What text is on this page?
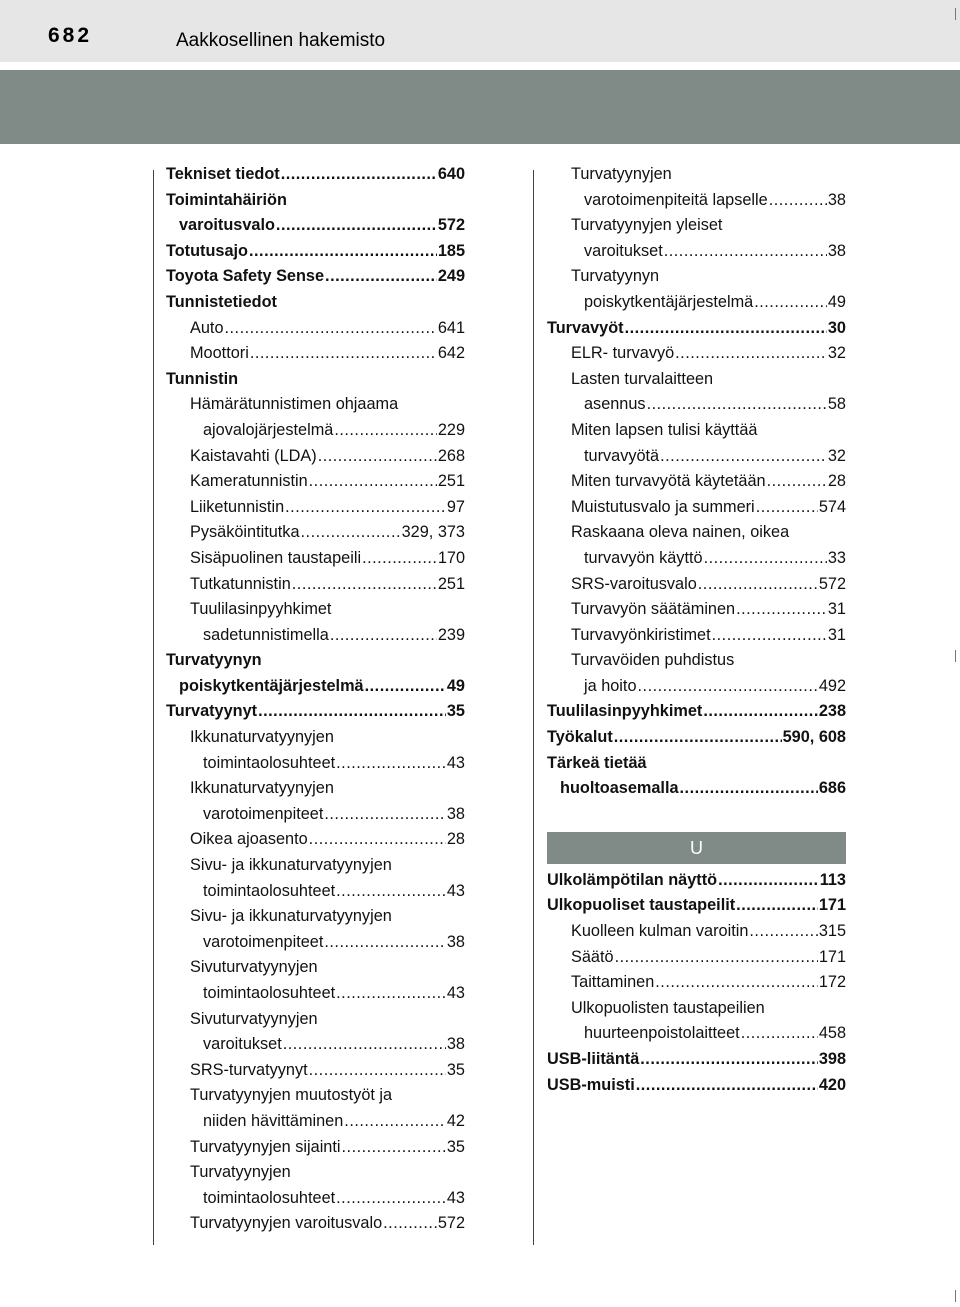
682	Aakkosellinen hakemisto
Tekniset tiedot .....	640
Toimintahäiriön
varoitusvalo .....	572
Totutusajo .....	185
Toyota Safety Sense .....	249
Tunnistetiedot
Auto .....	641
Moottori .....	642
Tunnistin
Hämärätunnistimen ohjaama
ajovalojärjestelmä .....	229
Kaistavahti (LDA) .....	268
Kameratunnistin .....	251
Liiketunnistin .....	97
Pysäköintitutka .....	329, 373
Sisäpuolinen taustapeili .....	170
Tutkatunnistin .....	251
Tuulilasinpyyhkimet
sadetunnistimella .....	239
Turvatyynyn
poiskytkentäjärjestelmä .....	49
Turvatyynyt .....	35
Ikkunaturvatyynyjen
toimintaolosuhteet .....	43
Ikkunaturvatyynyjen
varotoimenpiteet .....	38
Oikea ajoasento .....	28
Sivu- ja ikkunaturvatyynyjen
toimintaolosuhteet .....	43
Sivu- ja ikkunaturvatyynyjen
varotoimenpiteet .....	38
Sivuturvatyynyjen
toimintaolosuhteet .....	43
Sivuturvatyynyjen
varoitukset .....	38
SRS-turvatyynyt .....	35
Turvatyynyjen muutostyöt ja
niiden hävittäminen .....	42
Turvatyynyjen sijainti .....	35
Turvatyynyjen
toimintaolosuhteet .....	43
Turvatyynyjen varoitusvalo .....	572
Turvatyynyjen
varotoimenpiteitä lapselle .....	38
Turvatyynyjen yleiset
varoitukset .....	38
Turvatyynyn
poiskytkentäjärjestelmä .....	49
Turvavyöt .....	30
ELR- turvavyö .....	32
Lasten turvalaitteen
asennus .....	58
Miten lapsen tulisi käyttää
turvavyötä .....	32
Miten turvavyötä käytetään .....	28
Muistutusvalo ja summeri .....	574
Raskaana oleva nainen, oikea
turvavyön käyttö .....	33
SRS-varoitusvalo .....	572
Turvavyön säätäminen .....	31
Turvavyönkiristimet .....	31
Turvavöiden puhdistus
ja hoito .....	492
Tuulilasinpyyhkimet .....	238
Työkalut .....	590, 608
Tärkeä tietää
huoltoasemalla .....	686
U
Ulkolämpötilan näyttö .....	113
Ulkopuoliset taustapeilit .....	171
Kuolleen kulman varoitin .....	315
Säätö .....	171
Taittaminen .....	172
Ulkopuolisten taustapeilien
huurteenpoistolaitteet .....	458
USB-liitäntä .....	398
USB-muisti .....	420
